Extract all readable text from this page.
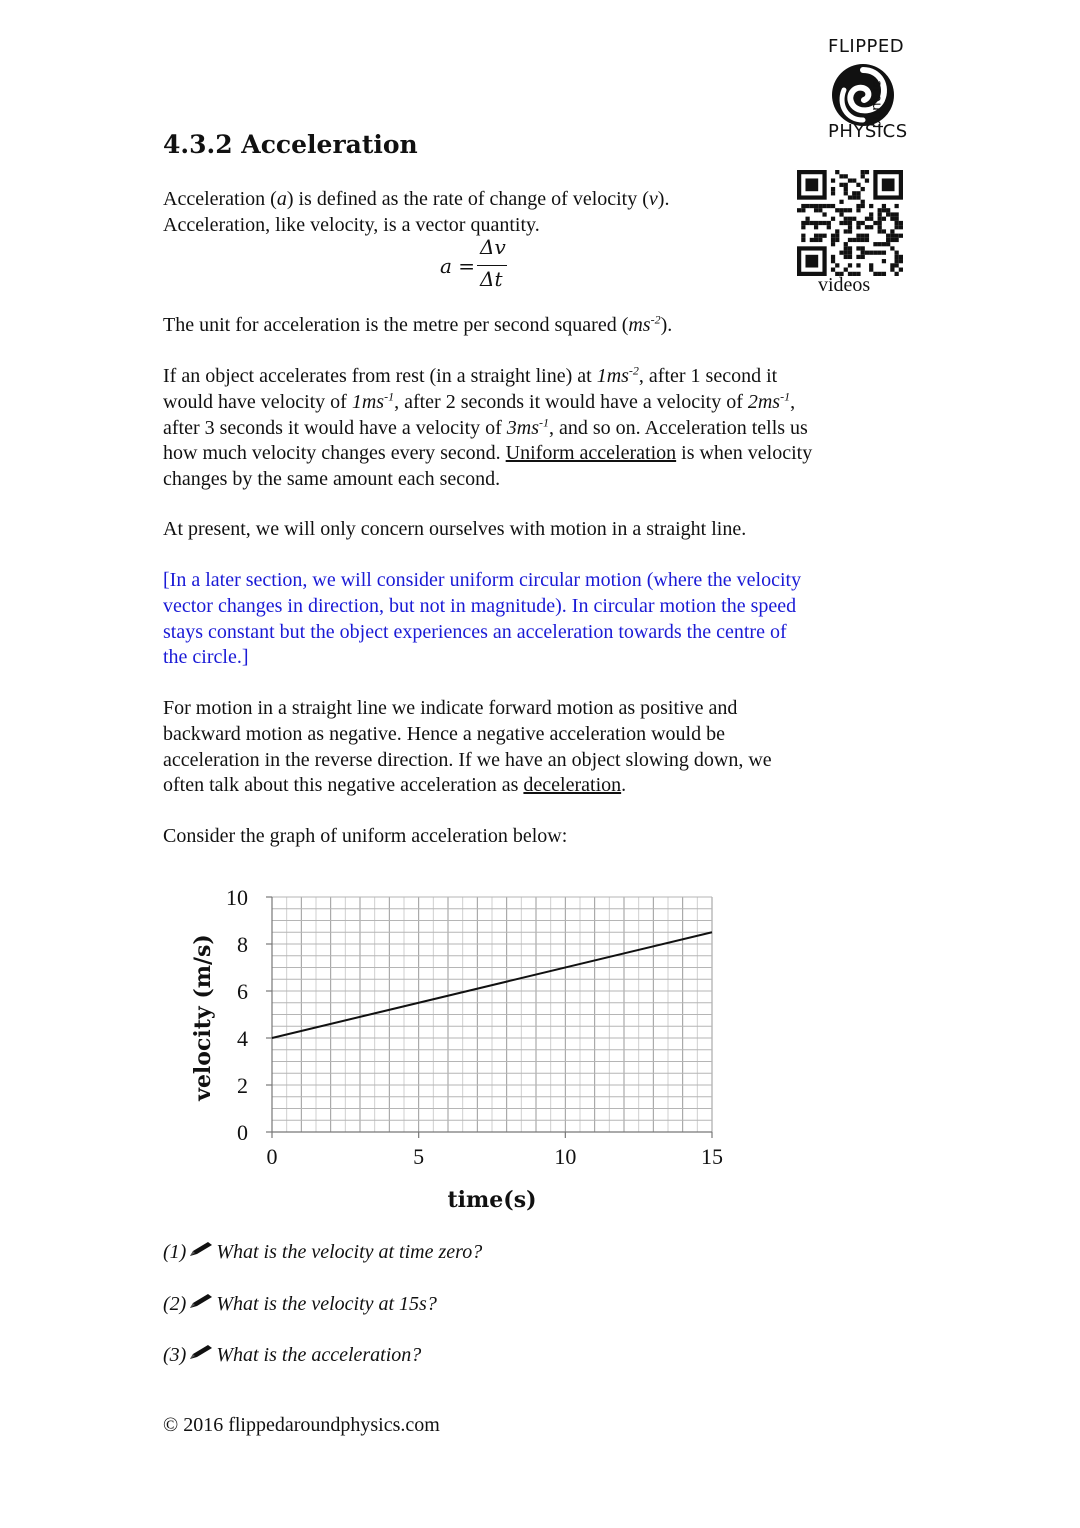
FLIPPED
around
PHYSICS
videos
4.3.2 Acceleration
Acceleration (a) is defined as the rate of change of velocity (v).
Acceleration, like velocity, is a vector quantity.
a =
Δv
Δt
The unit for acceleration is the metre per second squared $(ms^{-2})$.
If an object accelerates from rest (in a straight line) at $1ms^{-2}$, after 1 second it
would have velocity of $1ms^{-1}$, after 2 seconds it would have a velocity of $2ms^{-1}$,
after 3 seconds it would have a velocity of $3ms^{-1}$, and so on. Acceleration tells us
how much velocity changes every second. Uniform acceleration is when velocity
changes by the same amount each second.
At present, we will only concern ourselves with motion in a straight line.
[In a later section, we will consider uniform circular motion (where the velocity
vector changes in direction, but not in magnitude). In circular motion the speed
stays constant but the object experiences an acceleration towards the centre of
the circle.]
For motion in a straight line we indicate forward motion as positive and
backward motion as negative. Hence a negative acceleration would be
acceleration in the reverse direction. If we have an object slowing down, we
often talk about this negative acceleration as deceleration.
Consider the graph of uniform acceleration below:
0	5	10	15
0
2
4
6
8
10
time(s)
velocity (m/s)
(1) What is the velocity at time zero?
(2) What is the velocity at 15s?
(3) What is the acceleration?
© 2016 flippedaroundphysics.com
